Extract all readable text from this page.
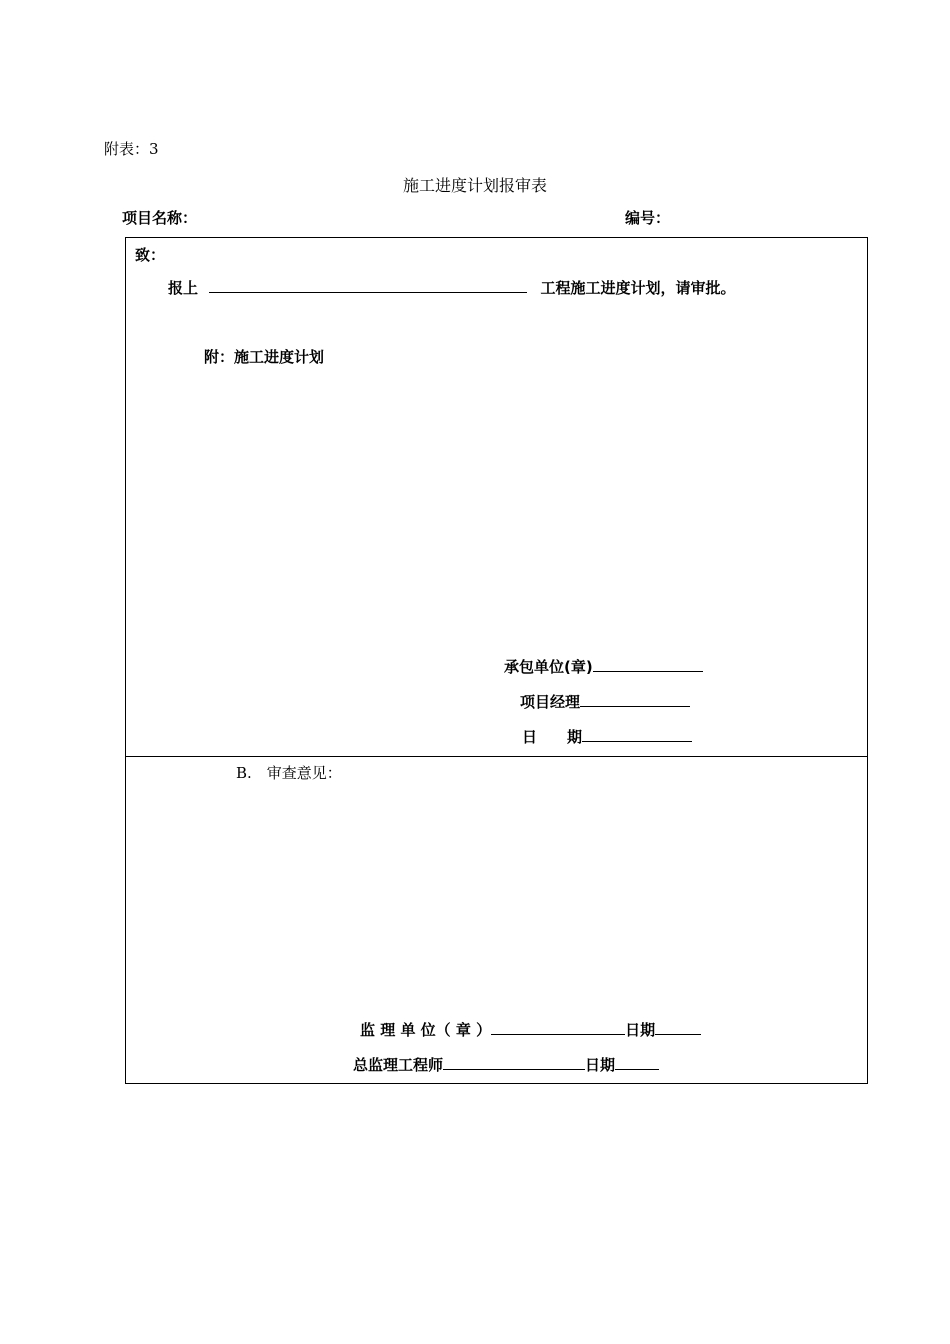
附表：3
施工进度计划报审表
项目名称：	编号：
致：
报上	工程施工进度计划，请审批。
附：施工进度计划
承包单位(章)
项目经理
日　　期
B.　审查意见：
监 理 单 位（ 章 ）	日期
总监理工程师	日期
